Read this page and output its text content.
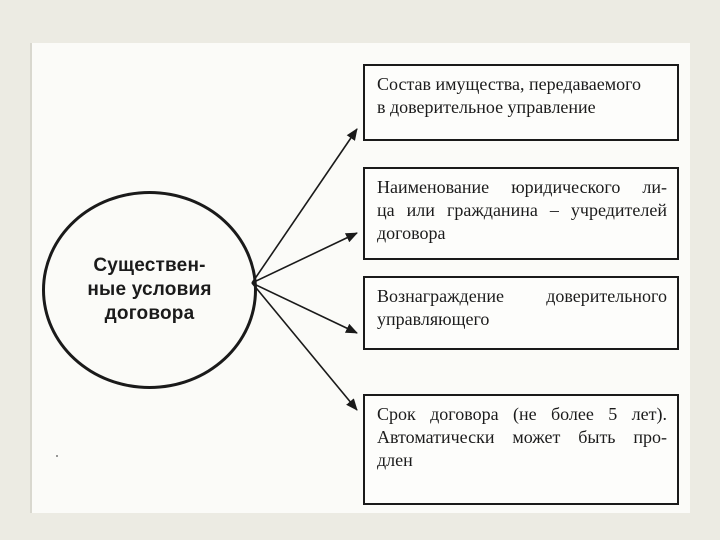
Существен-
ные условия
договора
Состав имущества, передаваемого
в доверительное управление
Наименование юридического ли-
ца или гражданина – учредителей
договора
Вознаграждение доверительного
управляющего
Срок договора (не более 5 лет).
Автоматически может быть про-
длен
